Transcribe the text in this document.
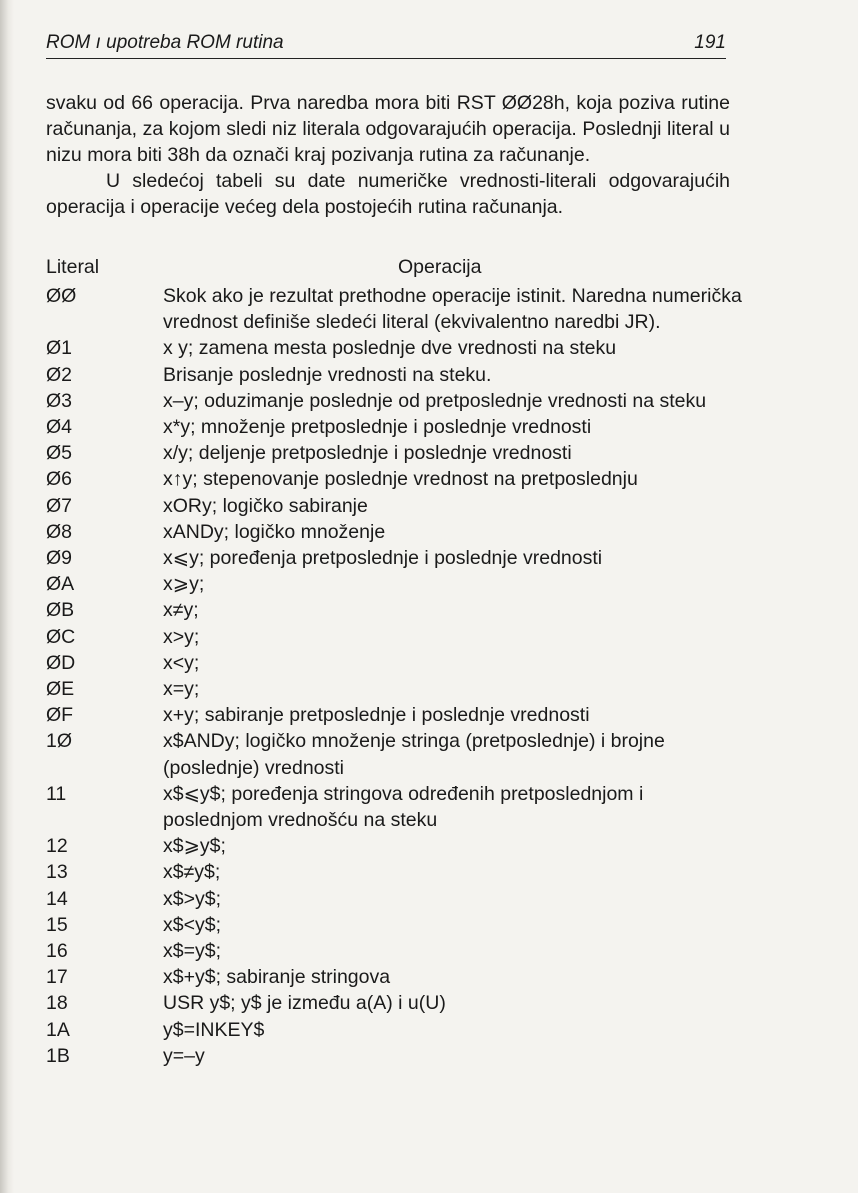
ROM ı upotreba ROM rutina	191

svaku od 66 operacija. Prva naredba mora biti RST ØØ28h, koja poziva rutine računanja, za kojom sledi niz literala odgovarajućih operacija. Poslednji literal u nizu mora biti 38h da označi kraj pozivanja rutina za računanje.

U sledećoj tabeli su date numeričke vrednosti-literali odgovarajućih operacija i operacije većeg dela postojećih rutina računanja.

Literal	Operacija
ØØ	Skok ako je rezultat prethodne operacije istinit. Naredna numerička vrednost definiše sledeći literal (ekvivalentno naredbi JR).
Ø1	x y; zamena mesta poslednje dve vrednosti na steku
Ø2	Brisanje poslednje vrednosti na steku.
Ø3	x–y; oduzimanje poslednje od pretposlednje vrednosti na steku
Ø4	x*y; množenje pretposlednje i poslednje vrednosti
Ø5	x/y; deljenje pretposlednje i poslednje vrednosti
Ø6	x↑y; stepenovanje poslednje vrednost na pretposlednju
Ø7	xORy; logičko sabiranje
Ø8	xANDy; logičko množenje
Ø9	x⩽y; poređenja pretposlednje i poslednje vrednosti
ØA	x⩾y;
ØB	x≠y;
ØC	x>y;
ØD	x<y;
ØE	x=y;
ØF	x+y; sabiranje pretposlednje i poslednje vrednosti
1Ø	x$ANDy; logičko množenje stringa (pretposlednje) i brojne (poslednje) vrednosti
11	x$⩽y$; poređenja stringova određenih pretposlednjom i poslednjom vrednošću na steku
12	x$⩾y$;
13	x$≠y$;
14	x$>y$;
15	x$<y$;
16	x$=y$;
17	x$+y$; sabiranje stringova
18	USR y$; y$ je između a(A) i u(U)
1A	y$=INKEY$
1B	y=–y
